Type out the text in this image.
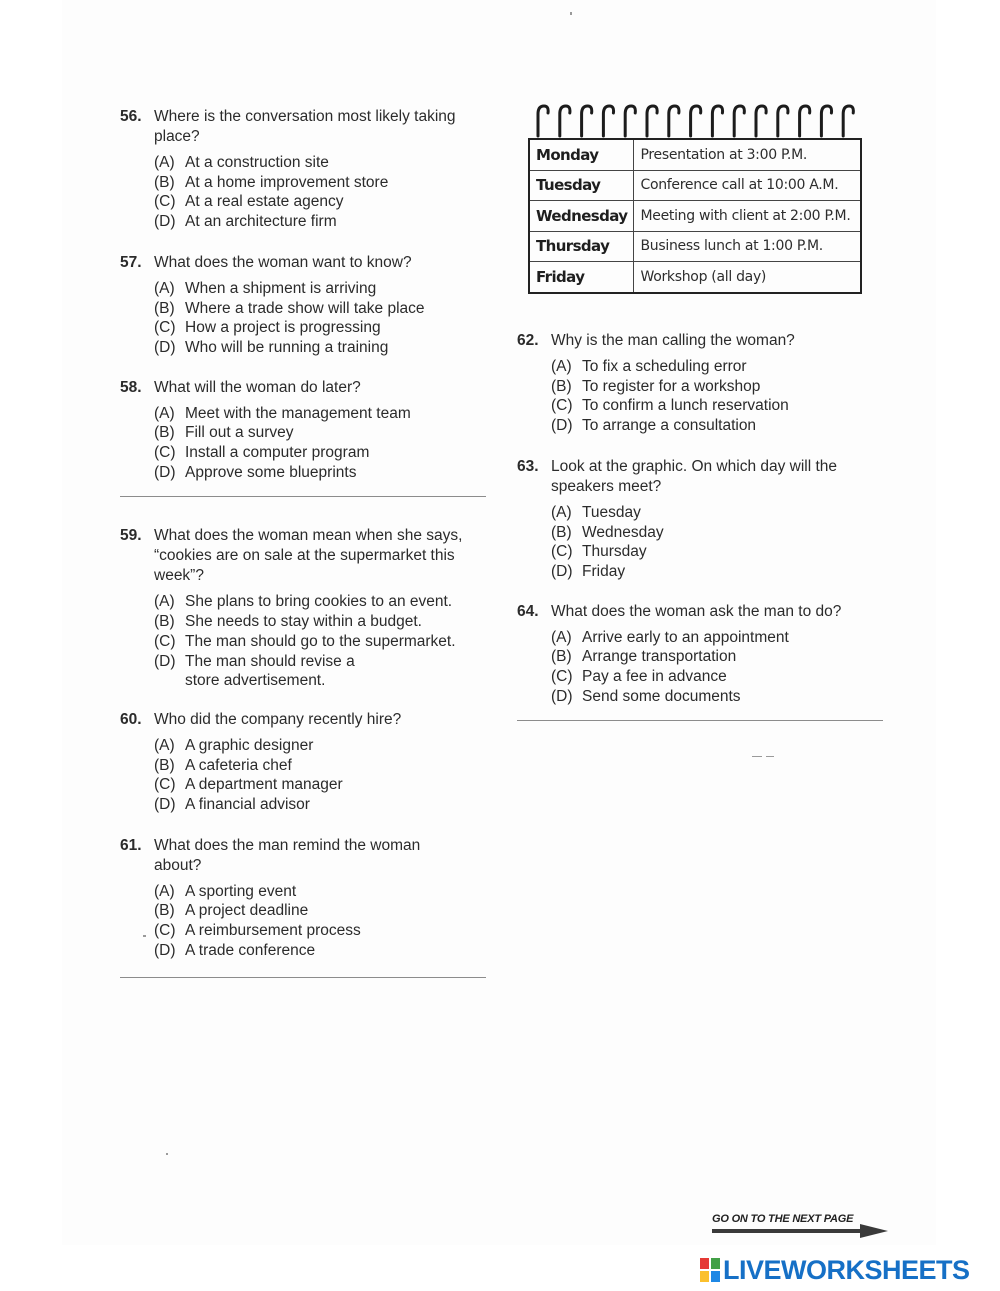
56. Where is the conversation most likely taking place?
(A) At a construction site
(B) At a home improvement store
(C) At a real estate agency
(D) At an architecture firm
57. What does the woman want to know?
(A) When a shipment is arriving
(B) Where a trade show will take place
(C) How a project is progressing
(D) Who will be running a training
58. What will the woman do later?
(A) Meet with the management team
(B) Fill out a survey
(C) Install a computer program
(D) Approve some blueprints
59. What does the woman mean when she says, “cookies are on sale at the supermarket this week”?
(A) She plans to bring cookies to an event.
(B) She needs to stay within a budget.
(C) The man should go to the supermarket.
(D) The man should revise a store advertisement.
60. Who did the company recently hire?
(A) A graphic designer
(B) A cafeteria chef
(C) A department manager
(D) A financial advisor
61. What does the man remind the woman about?
(A) A sporting event
(B) A project deadline
(C) A reimbursement process
(D) A trade conference
Monday	Presentation at 3:00 P.M.
Tuesday	Conference call at 10:00 A.M.
Wednesday	Meeting with client at 2:00 P.M.
Thursday	Business lunch at 1:00 P.M.
Friday	Workshop (all day)
62. Why is the man calling the woman?
(A) To fix a scheduling error
(B) To register for a workshop
(C) To confirm a lunch reservation
(D) To arrange a consultation
63. Look at the graphic. On which day will the speakers meet?
(A) Tuesday
(B) Wednesday
(C) Thursday
(D) Friday
64. What does the woman ask the man to do?
(A) Arrive early to an appointment
(B) Arrange transportation
(C) Pay a fee in advance
(D) Send some documents
GO ON TO THE NEXT PAGE
LIVEWORKSHEETS
